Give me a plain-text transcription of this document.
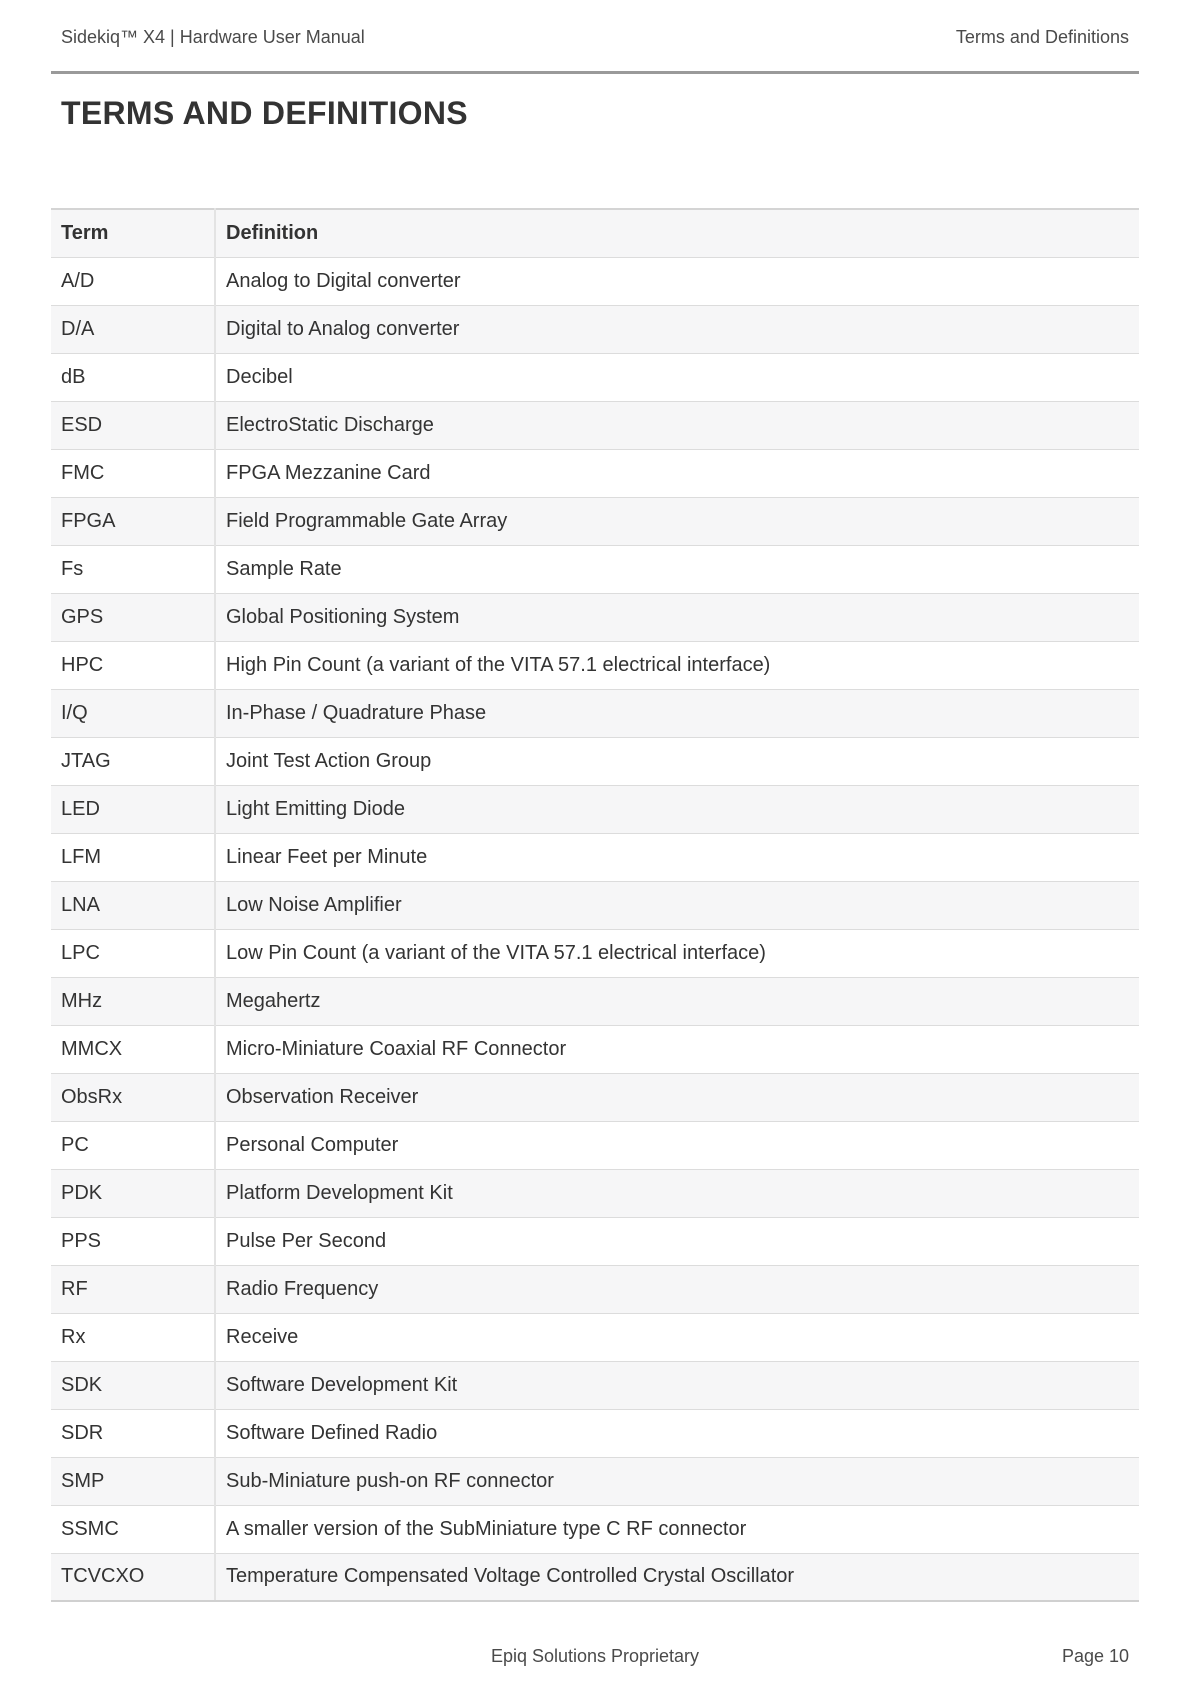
Sidekiq™ X4 | Hardware User Manual	Terms and Definitions
TERMS AND DEFINITIONS
Term	Definition
A/D	Analog to Digital converter
D/A	Digital to Analog converter
dB	Decibel
ESD	ElectroStatic Discharge
FMC	FPGA Mezzanine Card
FPGA	Field Programmable Gate Array
Fs	Sample Rate
GPS	Global Positioning System
HPC	High Pin Count (a variant of the VITA 57.1 electrical interface)
I/Q	In-Phase / Quadrature Phase
JTAG	Joint Test Action Group
LED	Light Emitting Diode
LFM	Linear Feet per Minute
LNA	Low Noise Amplifier
LPC	Low Pin Count (a variant of the VITA 57.1 electrical interface)
MHz	Megahertz
MMCX	Micro-Miniature Coaxial RF Connector
ObsRx	Observation Receiver
PC	Personal Computer
PDK	Platform Development Kit
PPS	Pulse Per Second
RF	Radio Frequency
Rx	Receive
SDK	Software Development Kit
SDR	Software Defined Radio
SMP	Sub-Miniature push-on RF connector
SSMC	A smaller version of the SubMiniature type C RF connector
TCVCXO	Temperature Compensated Voltage Controlled Crystal Oscillator
Epiq Solutions Proprietary	Page 10
